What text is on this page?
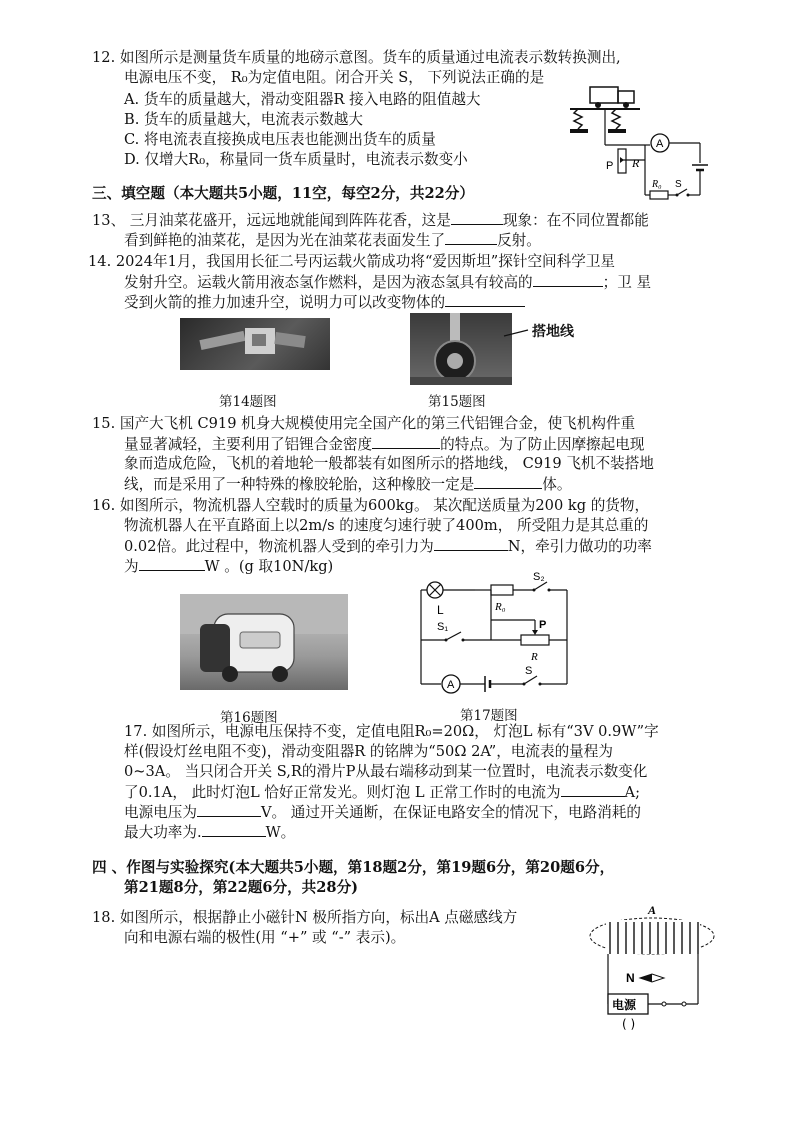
12. 如图所示是测量货车质量的地磅示意图。货车的质量通过电流表示数转换测出,
电源电压不变， R₀为定值电阻。闭合开关 S， 下列说法正确的是
A. 货车的质量越大，滑动变阻器R 接入电路的阻值越大
B. 货车的质量越大，电流表示数越大
C. 将电流表直接换成电压表也能测出货车的质量
D. 仅增大R₀，称量同一货车质量时，电流表示数变小	P R
A
R₀ S
三、填空题（本大题共5小题，11空，每空2分，共22分）
13、 三月油菜花盛开，远远地就能闻到阵阵花香，这是	现象：在不同位置都能
看到鲜艳的油菜花，是因为光在油菜花表面发生了	反射。
14. 2024年1月，我国用长征二号丙运载火箭成功将“爱因斯坦”探针空间科学卫星
发射升空。运载火箭用液态氢作燃料，是因为液态氢具有较高的	；卫 星
受到火箭的推力加速升空，说明力可以改变物体的
第14题图
搭地线
第15题图
15. 国产大飞机 C919 机身大规模使用完全国产化的第三代铝锂合金，使飞机构件重
量显著减轻，主要利用了铝锂合金密度	的特点。为了防止因摩擦起电现
象而造成危险，飞机的着地轮一般都装有如图所示的搭地线， C919 飞机不装搭地
线，而是采用了一种特殊的橡胶轮胎，这种橡胶一定是	体。
16. 如图所示，物流机器人空载时的质量为600kg。 某次配送质量为200 kg 的货物，
物流机器人在平直路面上以2m/s 的速度匀速行驶了400m， 所受阻力是其总重的
0.02倍。此过程中，物流机器人受到的牵引力为	N，牵引力做功的功率
为	W 。(g 取10N/kg)
第16题图
L	R₀
S₂
S₁
R
P
A
S
第17题图
17. 如图所示，电源电压保持不变，定值电阻R₀=20Ω， 灯泡L 标有“3V 0.9W”字
样(假设灯丝电阻不变)，滑动变阻器R 的铭牌为“50Ω 2A”，电流表的量程为
0~3A。 当只闭合开关 S,R的滑片P从最右端移动到某一位置时，电流表示数变化
了0.1A， 此时灯泡L 恰好正常发光。则灯泡 L 正常工作时的电流为	A;
电源电压为	V。 通过开关通断，在保证电路安全的情况下，电路消耗的
最大功率为.	W。
四 、作图与实验探究(本大题共5小题，第18题2分，第19题6分，第20题6分，
第21题8分，第22题6分，共28分)
18. 如图所示，根据静止小磁针N 极所指方向，标出A 点磁感线方
向和电源右端的极性(用 “+” 或 “-” 表示)。
A
N
电源
( )
